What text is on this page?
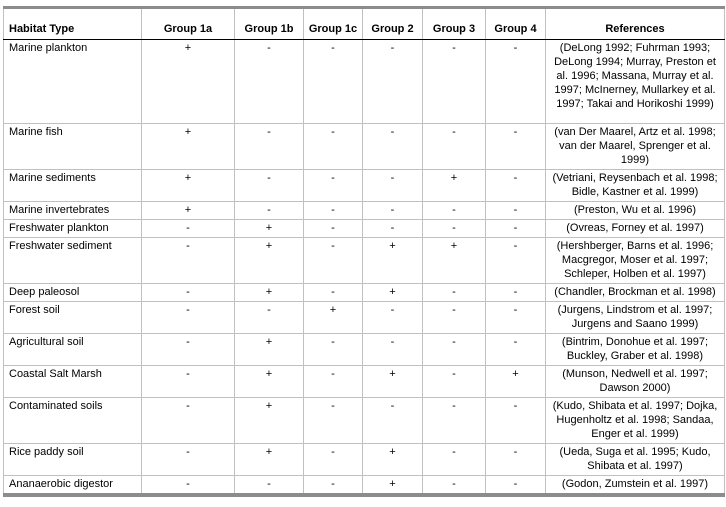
Habitat Type	Group 1a	Group 1b	Group 1c	Group 2	Group 3	Group 4	References
Marine plankton	+	-	-	-	-	-	(DeLong 1992; Fuhrman 1993; DeLong 1994; Murray, Preston et al. 1996; Massana, Murray et al. 1997; McInerney, Mullarkey et al. 1997; Takai and Horikoshi 1999)
Marine fish	+	-	-	-	-	-	(van Der Maarel, Artz et al. 1998; van der Maarel, Sprenger et al. 1999)
Marine sediments	+	-	-	-	+	-	(Vetriani, Reysenbach et al. 1998; Bidle, Kastner et al. 1999)
Marine invertebrates	+	-	-	-	-	-	(Preston, Wu et al. 1996)
Freshwater plankton	-	+	-	-	-	-	(Ovreas, Forney et al. 1997)
Freshwater sediment	-	+	-	+	+	-	(Hershberger, Barns et al. 1996; Macgregor, Moser et al. 1997; Schleper, Holben et al. 1997)
Deep paleosol	-	+	-	+	-	-	(Chandler, Brockman et al. 1998)
Forest soil	-	-	+	-	-	-	(Jurgens, Lindstrom et al. 1997; Jurgens and Saano 1999)
Agricultural soil	-	+	-	-	-	-	(Bintrim, Donohue et al. 1997; Buckley, Graber et al. 1998)
Coastal Salt Marsh	-	+	-	+	-	+	(Munson, Nedwell et al. 1997; Dawson 2000)
Contaminated soils	-	+	-	-	-	-	(Kudo, Shibata et al. 1997; Dojka, Hugenholtz et al. 1998; Sandaa, Enger et al. 1999)
Rice paddy soil	-	+	-	+	-	-	(Ueda, Suga et al. 1995; Kudo, Shibata et al. 1997)
Ananaerobic digestor	-	-	-	+	-	-	(Godon, Zumstein et al. 1997)
